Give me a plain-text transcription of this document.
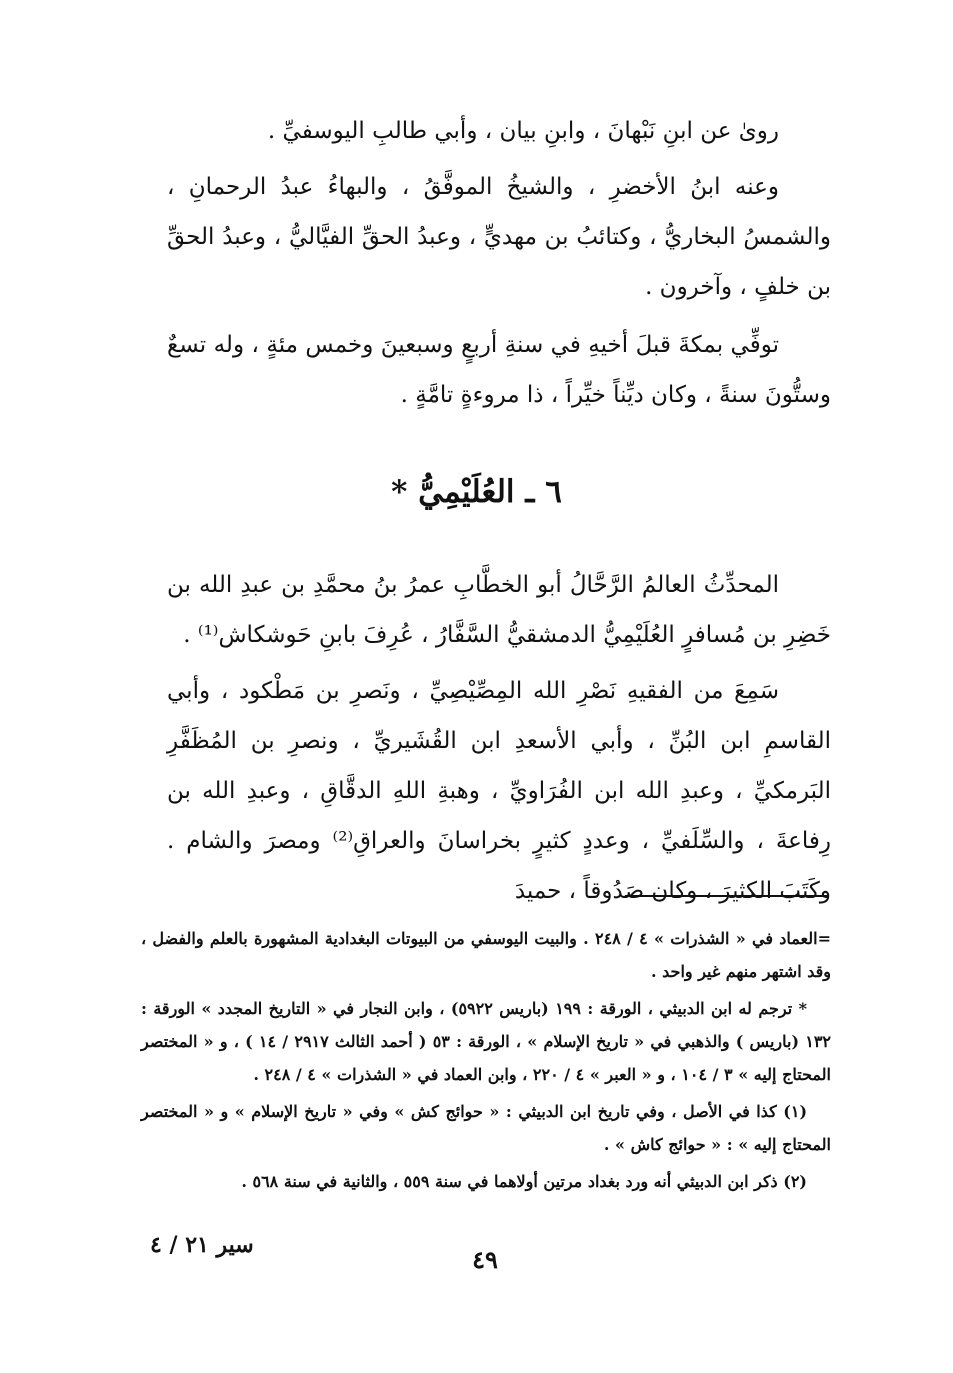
روىٰ عن ابنِ نَبْهانَ ، وابنِ بيان ، وأبي طالبِ اليوسفيِّ .

وعنه ابنُ الأخضرِ ، والشيخُ الموفَّقُ ، والبهاءُ عبدُ الرحمانِ ، والشمسُ البخاريُّ ، وكتائبُ بن مهديٍّ ، وعبدُ الحقِّ الفيَّاليُّ ، وعبدُ الحقِّ بن خلفٍ ، وآخرون .

توفِّي بمكةَ قبلَ أخيهِ في سنةِ أربعٍ وسبعينَ وخمس مئةٍ ، وله تسعٌ وستُّونَ سنةً ، وكان ديِّناً خيِّراً ، ذا مروءةٍ تامَّةٍ .

٦ ـ العُلَيْمِيُّ *

المحدِّثُ العالمُ الرَّحَّالُ أبو الخطَّابِ عمرُ بنُ محمَّدِ بن عبدِ الله بن خَضِرِ بن مُسافرٍ العُلَيْمِيُّ الدمشقيُّ السَّفَّارُ ، عُرِفَ بابنِ حَوشكاش⁽¹⁾ .

سَمِعَ من الفقيهِ نَصْرِ الله المِصِّيْصِيِّ ، ونَصرِ بن مَطْكود ، وأبي القاسمِ ابن البُنِّ ، وأبي الأسعدِ ابن القُشَيريِّ ، ونصرِ بن المُظَفَّرِ البَرمكيِّ ، وعبدِ الله ابن الفُرَاويِّ ، وهبةِ اللهِ الدقَّاقِ ، وعبدِ الله بن رِفاعةَ ، والسِّلَفيِّ ، وعددٍ كثيرٍ بخراسانَ والعراقِ⁽²⁾ ومصرَ والشام . وكَتَبَ الكثيرَ ، وكان صَدُوقاً ، حميدَ

=العماد في « الشذرات » ٤ / ٢٤٨ . والبيت اليوسفي من البيوتات البغدادية المشهورة بالعلم والفضل ، وقد اشتهر منهم غير واحد .

* ترجم له ابن الدبيثي ، الورقة : ١٩٩ (باريس ٥٩٢٢) ، وابن النجار في « التاريخ المجدد » الورقة : ١٣٢ (باريس ) والذهبي في « تاريخ الإسلام » ، الورقة : ٥٣ ( أحمد الثالث ٢٩١٧ / ١٤ ) ، و « المختصر المحتاج إليه » ٣ / ١٠٤ ، و « العبر » ٤ / ٢٢٠ ، وابن العماد في « الشذرات » ٤ / ٢٤٨ .

(١) كذا في الأصل ، وفي تاريخ ابن الدبيثي : « حوائج كش » وفي « تاريخ الإسلام » و « المختصر المحتاج إليه » : « حوائج كاش » .

(٢) ذكر ابن الدبيثي أنه ورد بغداد مرتين أولاهما في سنة ٥٥٩ ، والثانية في سنة ٥٦٨ .

٤٩
سير ٢١ / ٤
